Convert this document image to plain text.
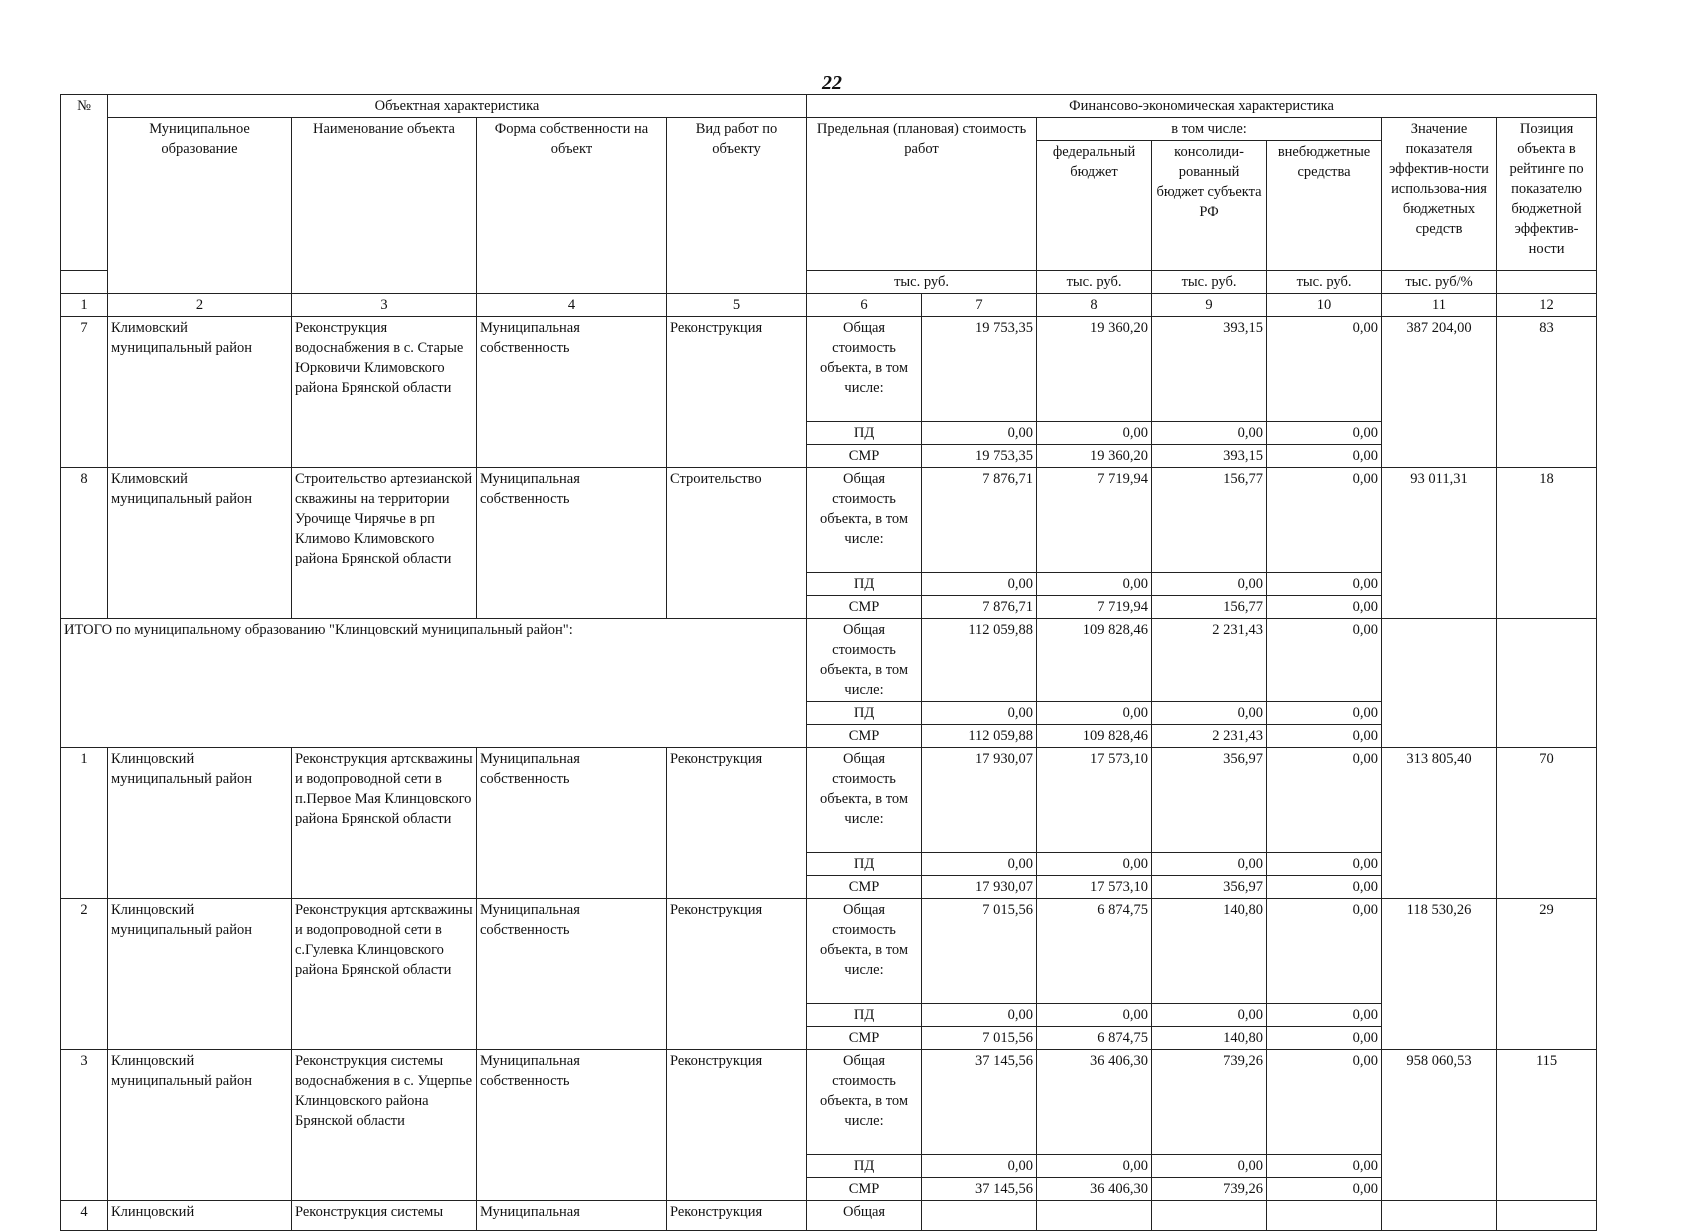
22
№	Объектная характеристика				Финансово-экономическая характеристика						
	Муниципальное образование	Наименование объекта	Форма собственности на объект	Вид работ по объекту	Предельная (плановая) стоимость работ		в том числе:			Значение показателя эффектив-ности использова-ния бюджетных средств	Позиция объекта в рейтинге по показателю бюджетной эффектив-ности
							федеральный бюджет	консолиди-рованный бюджет субъекта РФ	внебюджетные средства		
					тыс. руб.		тыс. руб.	тыс. руб.	тыс. руб.	тыс. руб/%	
1	2	3	4	5	6	7	8	9	10	11	12
7	Климовский муниципальный район	Реконструкция водоснабжения в с. Старые Юрковичи Климовского района Брянской области	Муниципальная собственность	Реконструкция	Общая стоимость объекта, в том числе:	19 753,35	19 360,20	393,15	0,00	387 204,00	83
					ПД	0,00	0,00	0,00	0,00		
					СМР	19 753,35	19 360,20	393,15	0,00		
8	Климовский муниципальный район	Строительство артезианской скважины на территории Урочище Чирячье в рп Климово Климовского района Брянской области	Муниципальная собственность	Строительство	Общая стоимость объекта, в том числе:	7 876,71	7 719,94	156,77	0,00	93 011,31	18
					ПД	0,00	0,00	0,00	0,00		
					СМР	7 876,71	7 719,94	156,77	0,00		
ИТОГО по муниципальному образованию "Клинцовский муниципальный район":					Общая стоимость объекта, в том числе:	112 059,88	109 828,46	2 231,43	0,00		
					ПД	0,00	0,00	0,00	0,00		
					СМР	112 059,88	109 828,46	2 231,43	0,00		
1	Клинцовский муниципальный район	Реконструкция артскважины и водопроводной сети в п.Первое Мая Клинцовского района Брянской области	Муниципальная собственность	Реконструкция	Общая стоимость объекта, в том числе:	17 930,07	17 573,10	356,97	0,00	313 805,40	70
					ПД	0,00	0,00	0,00	0,00		
					СМР	17 930,07	17 573,10	356,97	0,00		
2	Клинцовский муниципальный район	Реконструкция артскважины и водопроводной сети в с.Гулевка Клинцовского района Брянской области	Муниципальная собственность	Реконструкция	Общая стоимость объекта, в том числе:	7 015,56	6 874,75	140,80	0,00	118 530,26	29
					ПД	0,00	0,00	0,00	0,00		
					СМР	7 015,56	6 874,75	140,80	0,00		
3	Клинцовский муниципальный район	Реконструкция системы водоснабжения в с. Ущерпье Клинцовского района Брянской области	Муниципальная собственность	Реконструкция	Общая стоимость объекта, в том числе:	37 145,56	36 406,30	739,26	0,00	958 060,53	115
					ПД	0,00	0,00	0,00	0,00		
					СМР	37 145,56	36 406,30	739,26	0,00		
4	Клинцовский	Реконструкция системы	Муниципальная	Реконструкция	Общая						
